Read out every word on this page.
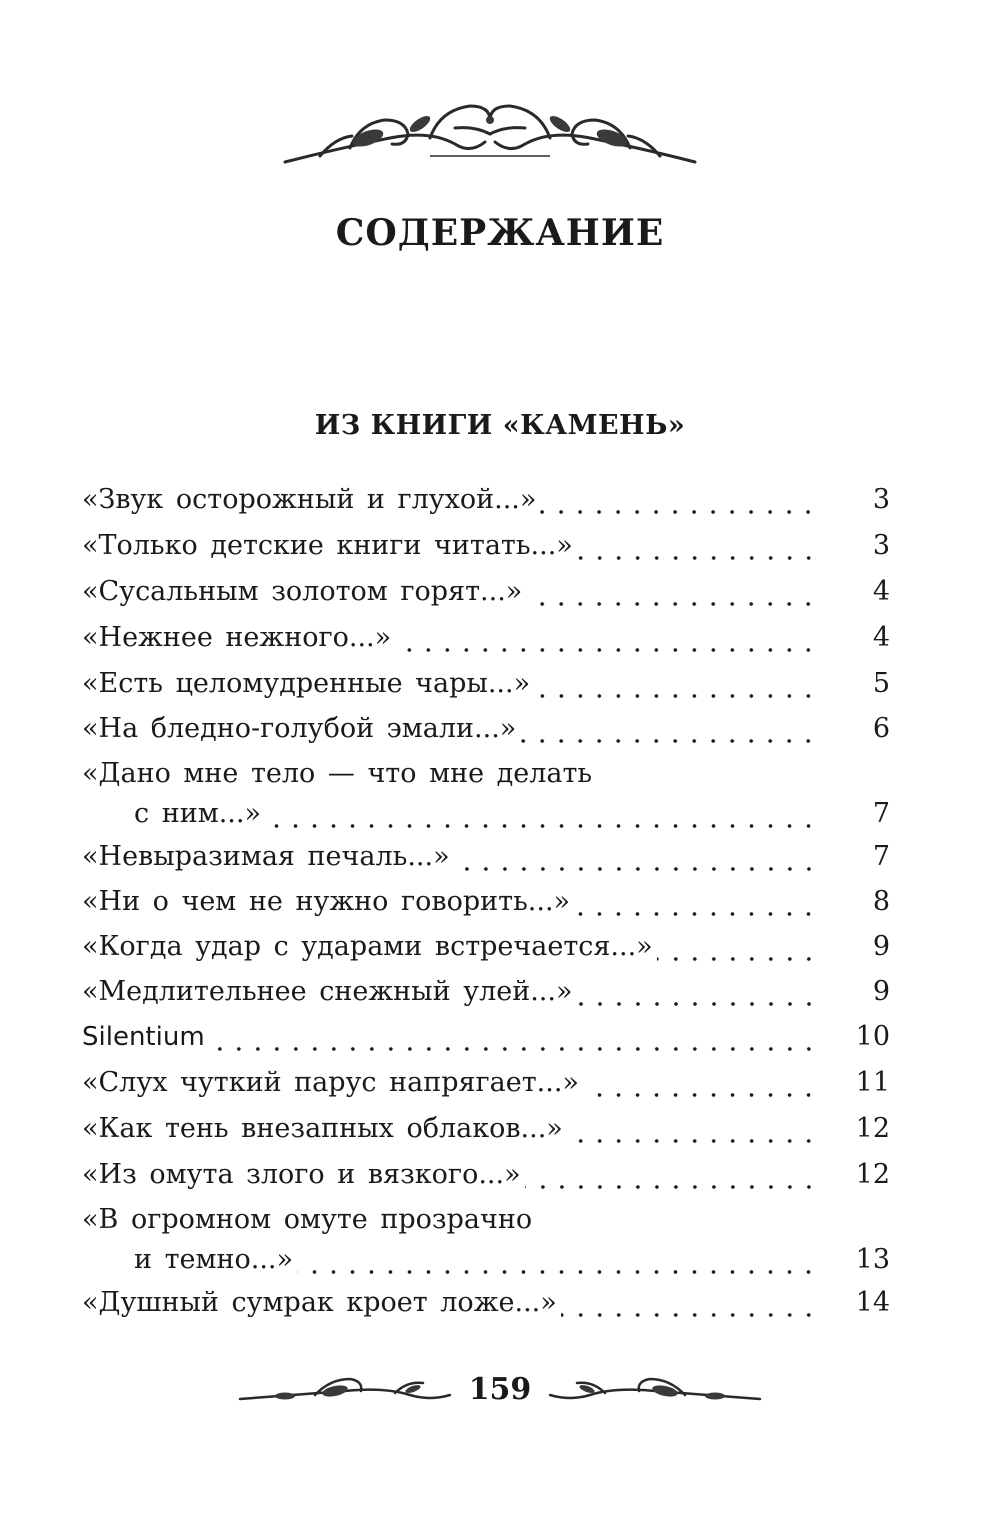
СОДЕРЖАНИЕ
ИЗ КНИГИ «КАМЕНЬ»
«Звук осторожный и глухой...»	3
«Только детские книги читать...»	3
«Сусальным золотом горят...»	4
«Нежнее нежного...»	4
«Есть целомудренные чары...»	5
«На бледно-голубой эмали...»	6
«Дано мне тело — что мне делать
с ним...»	7
«Невыразимая печаль...»	7
«Ни о чем не нужно говорить...»	8
«Когда удар с ударами встречается...»	9
«Медлительнее снежный улей...»	9
Silentium	10
«Слух чуткий парус напрягает...»	11
«Как тень внезапных облаков...»	12
«Из омута злого и вязкого...»	12
«В огромном омуте прозрачно
и темно...»	13
«Душный сумрак кроет ложе...»	14
159
